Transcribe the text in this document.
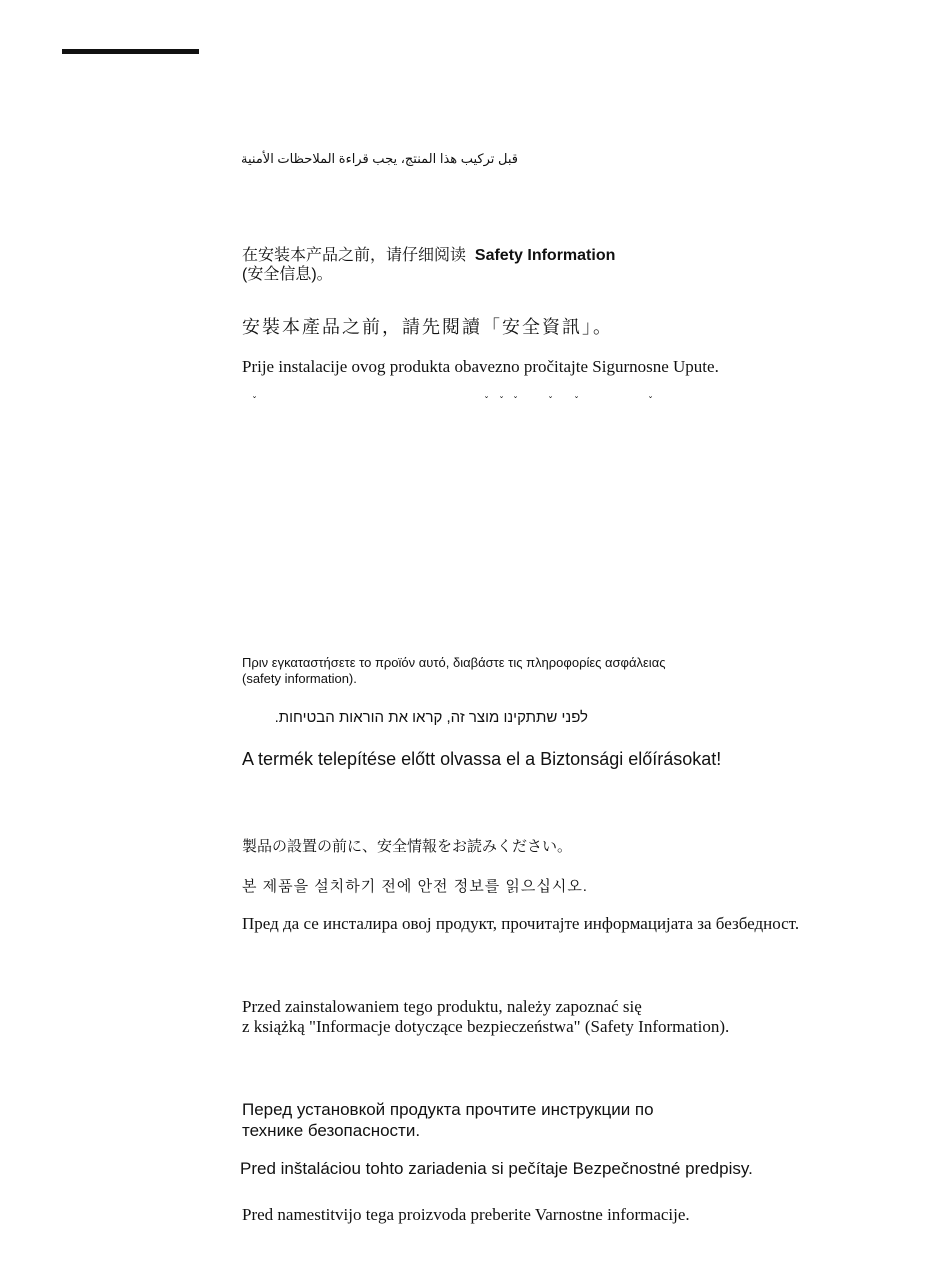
قبل تركيب هذا المنتج، يجب قراءة الملاحظات الأمنية

在安装本产品之前，请仔细阅读 Safety Information

(安全信息)。

安裝本產品之前，請先閱讀「安全資訊」。

Prije instalacije ovog produkta obavezno pročitajte Sigurnosne Upute.

ˇ	ˇ ˇ ˇ	ˇ ˇ	ˇ

Πριν εγκαταστήσετε το προϊόν αυτό, διαβάστε τις πληροφορίες ασφάλειας

(safety information).

לפני שתתקינו מוצר זה, קראו את הוראות הבטיחות.

A termék telepítése előtt olvassa el a Biztonsági előírásokat!

製品の設置の前に、安全情報をお読みください。

본 제품을 설치하기 전에 안전 정보를 읽으십시오.

Пред да се инсталира овој продукт, прочитајте информацијата за безбедност.

Przed zainstalowaniem tego produktu, należy zapoznać się

z książką "Informacje dotyczące bezpieczeństwa" (Safety Information).

Перед установкой продукта прочтите инструкции по

технике безопасности.

Pred inštaláciou tohto zariadenia si pečítaje Bezpečnostné predpisy.

Pred namestitvijo tega proizvoda preberite Varnostne informacije.
